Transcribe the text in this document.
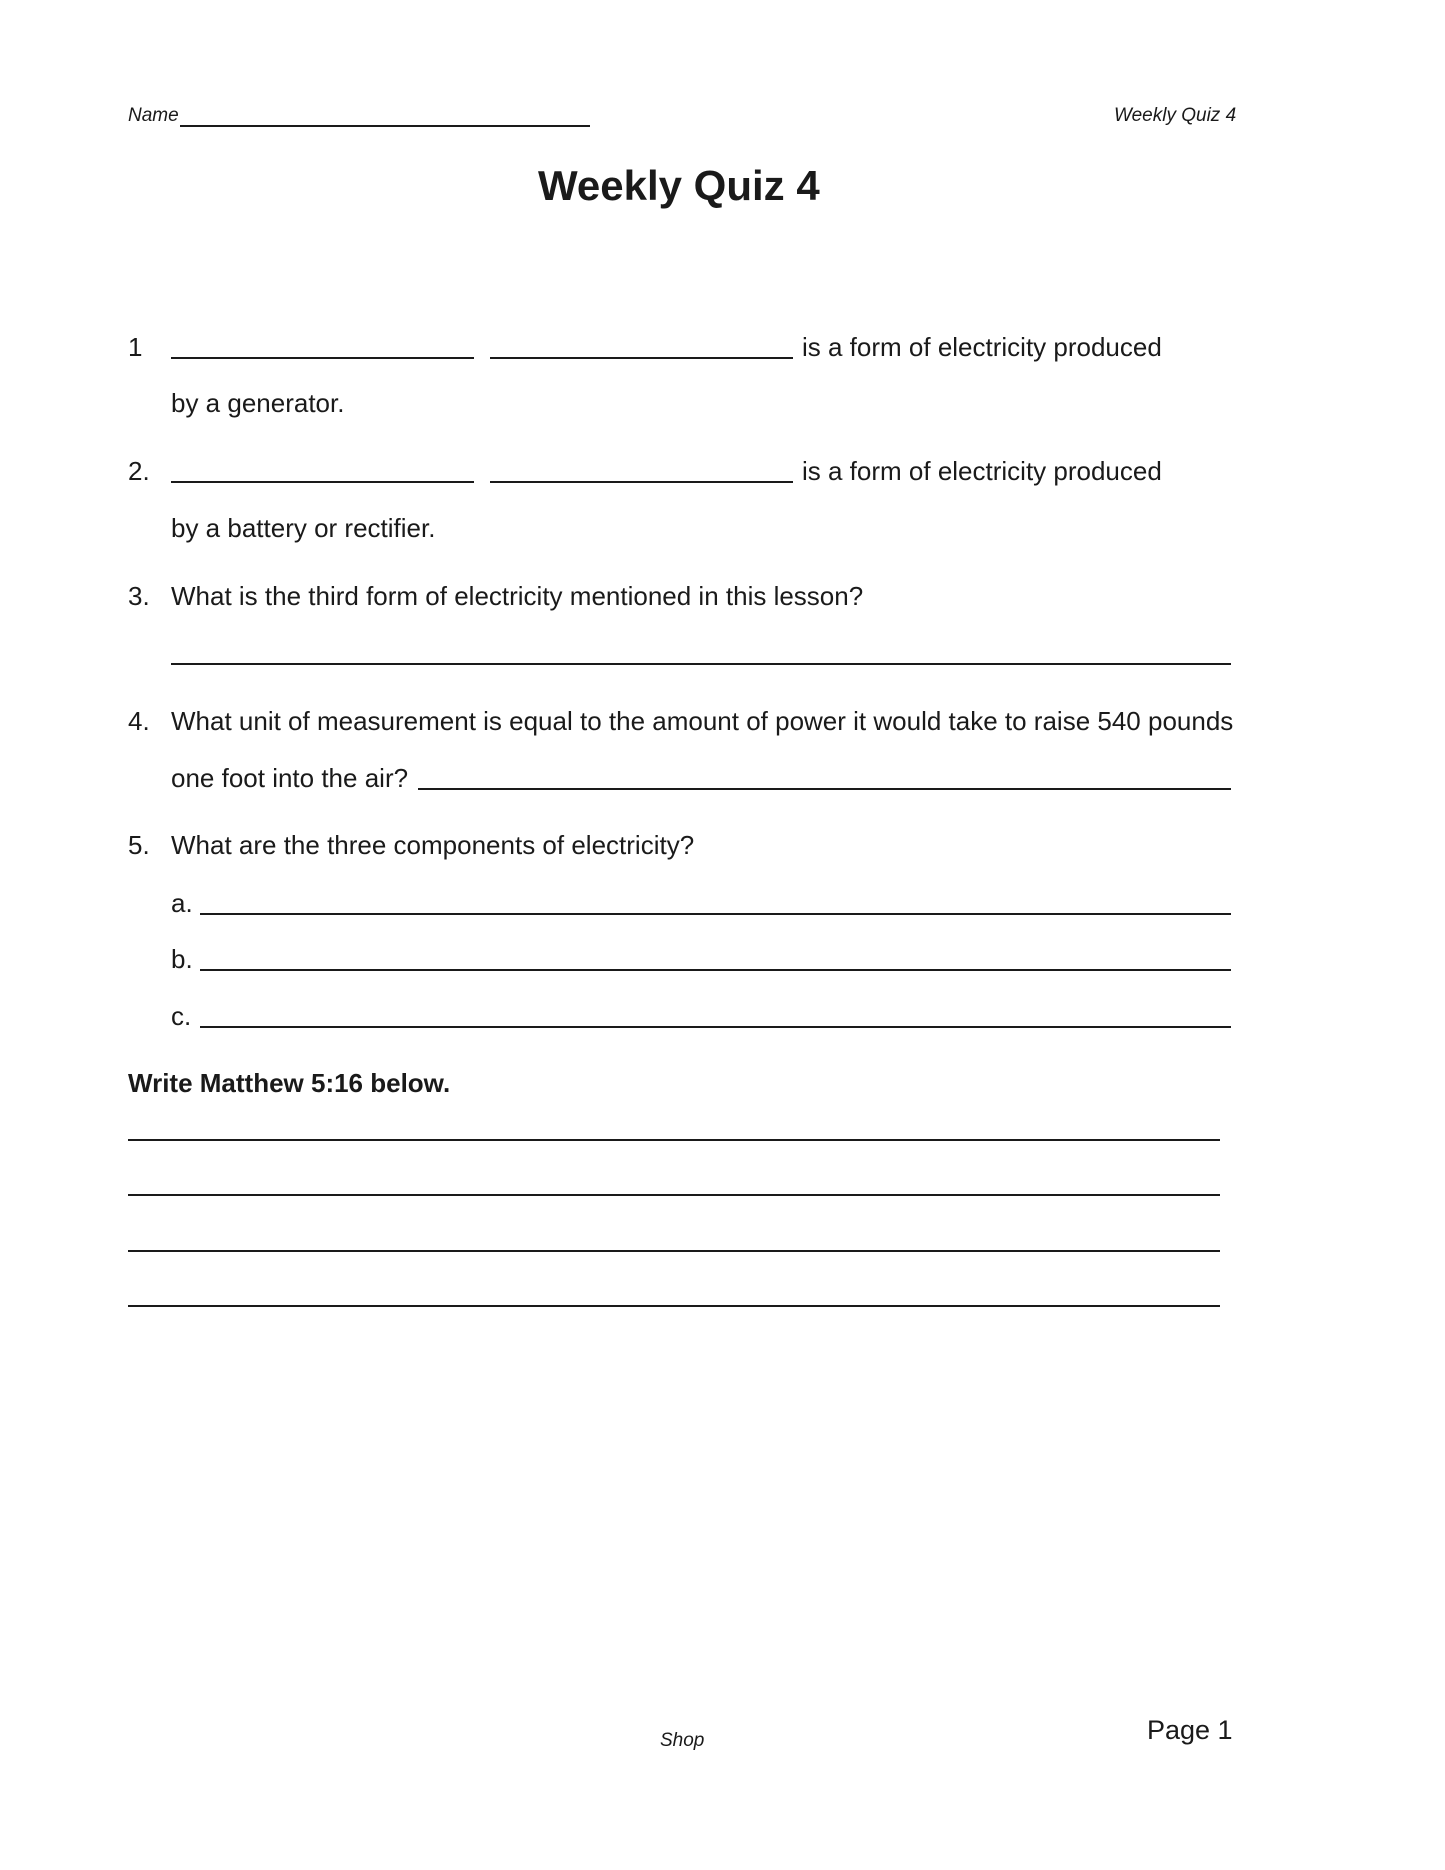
Name	Weekly Quiz 4
Weekly Quiz 4
1	is a form of electricity produced
by a generator.
2.	is a form of electricity produced
by a battery or rectifier.
3. What is the third form of electricity mentioned in this lesson?
4. What unit of measurement is equal to the amount of power it would take to raise 540 pounds
one foot into the air?
5. What are the three components of electricity?
a.
b.
c.
Write Matthew 5:16 below.
Shop	Page 1
